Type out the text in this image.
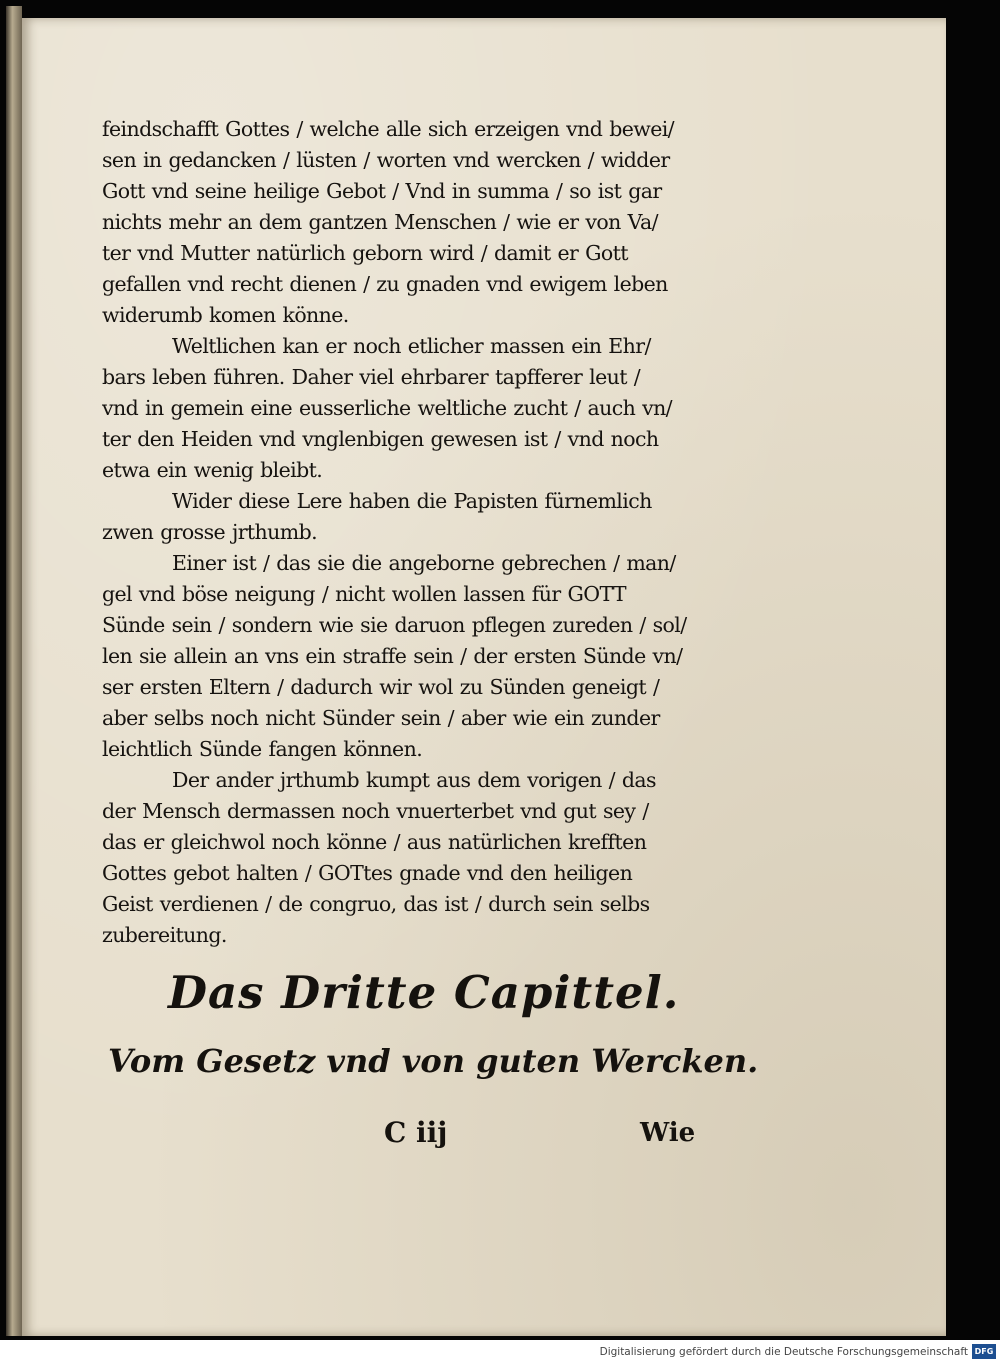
feindschafft Gottes / welche alle sich erzeigen vnd bewei/
sen in gedancken / lüsten / worten vnd wercken / widder
Gott vnd seine heilige Gebot / Vnd in summa / so ist gar
nichts mehr an dem gantzen Menschen / wie er von Va/
ter vnd Mutter natürlich geborn wird / damit er Gott
gefallen vnd recht dienen / zu gnaden vnd ewigem leben
widerumb komen könne.
Weltlichen kan er noch etlicher massen ein Ehr/
bars leben führen. Daher viel ehrbarer tapfferer leut /
vnd in gemein eine eusserliche weltliche zucht / auch vn/
ter den Heiden vnd vnglenbigen gewesen ist / vnd noch
etwa ein wenig bleibt.
Wider diese Lere haben die Papisten fürnemlich
zwen grosse jrthumb.
Einer ist / das sie die angeborne gebrechen / man/
gel vnd böse neigung / nicht wollen lassen für GOTT
Sünde sein / sondern wie sie daruon pflegen zureden / sol/
len sie allein an vns ein straffe sein / der ersten Sünde vn/
ser ersten Eltern / dadurch wir wol zu Sünden geneigt /
aber selbs noch nicht Sünder sein / aber wie ein zunder
leichtlich Sünde fangen können.
Der ander jrthumb kumpt aus dem vorigen / das
der Mensch dermassen noch vnuerterbet vnd gut sey /
das er gleichwol noch könne / aus natürlichen krefften
Gottes gebot halten / GOTtes gnade vnd den heiligen
Geist verdienen / de congruo, das ist / durch sein selbs
zubereitung.
Das Dritte Capittel.
Vom Gesetz vnd von guten Wercken.
C iij	Wie
Digitalisierung gefördert durch die Deutsche Forschungsgemeinschaft DFG
